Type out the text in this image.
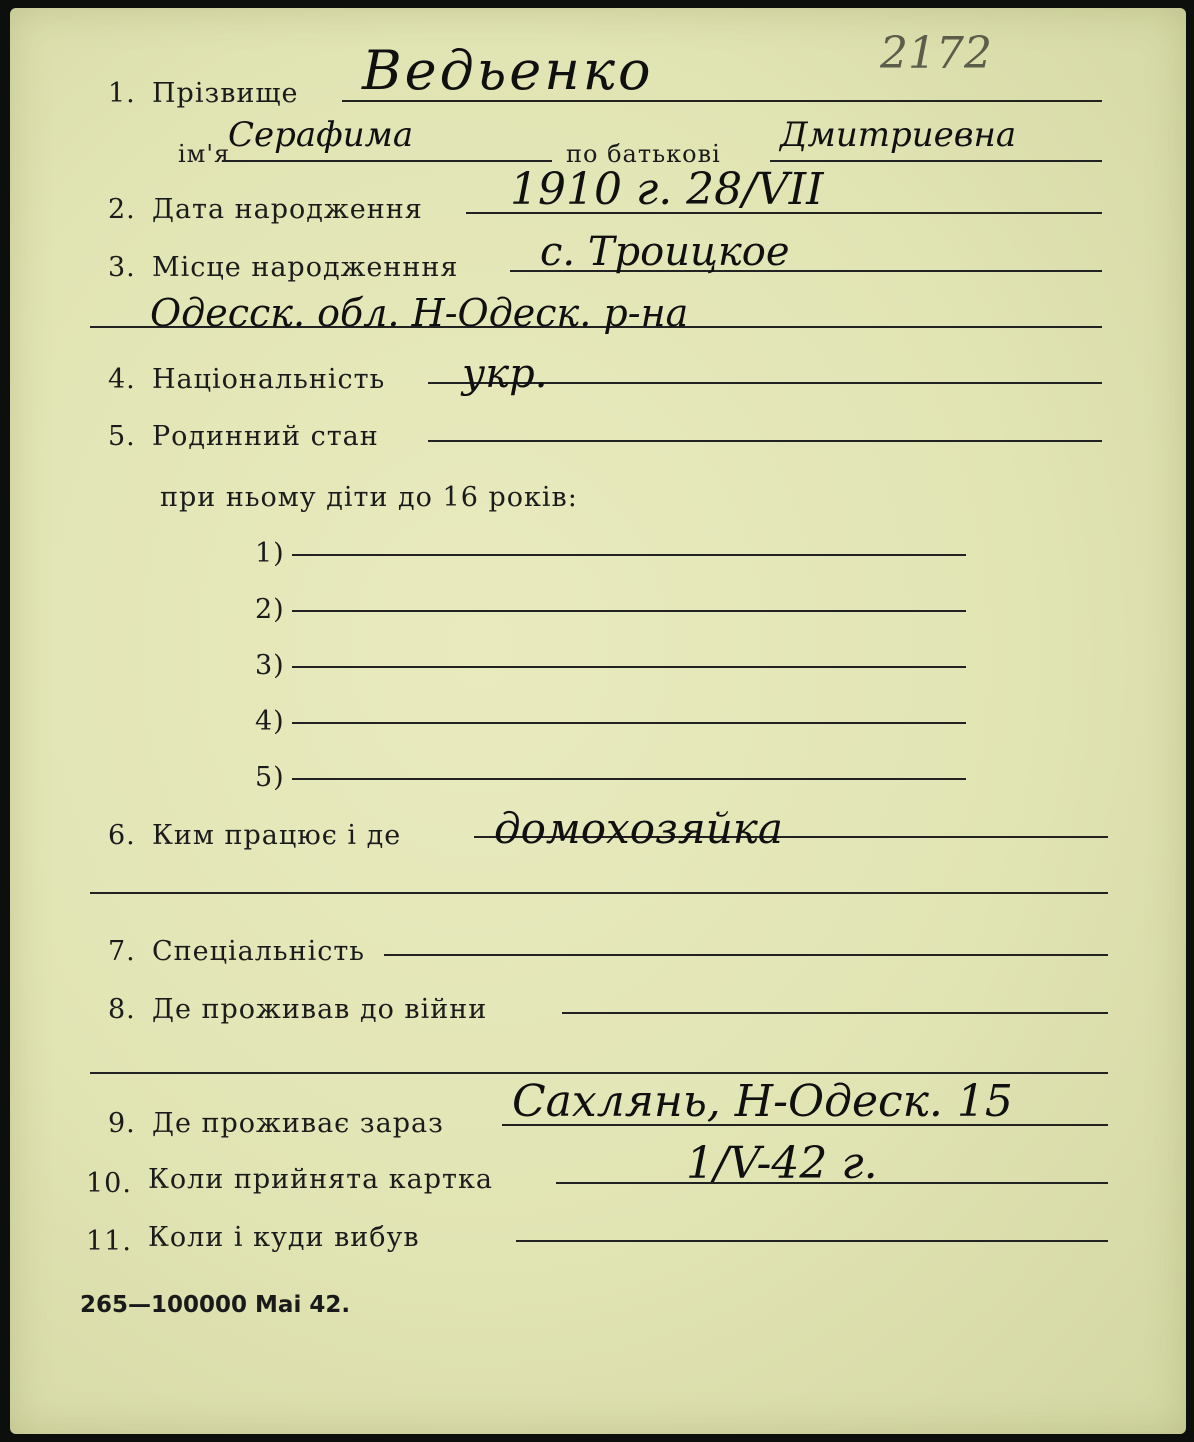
1. Прізвище Ведьенко	2172
ім'я
Серафима	по батькові Дмитриевна
2. Дата народження 1910 г. 28/VII
3. Місце народженння с. Троицкое
Одесск. обл. Н-Одеск. р-на
4. Національність укр.
5. Родинний стан
при ньому діти до 16 років:
1)
2)
3)
4)
5)
6. Ким працює і де домохозяйка
7. Спеціальність
8. Де проживав до війни
9. Де проживає зараз Сахлянь, Н-Одеск. 15
10. Коли прийнята картка	1/V-42 г.
11. Коли і куди вибув
265—100000 Mai 42.
